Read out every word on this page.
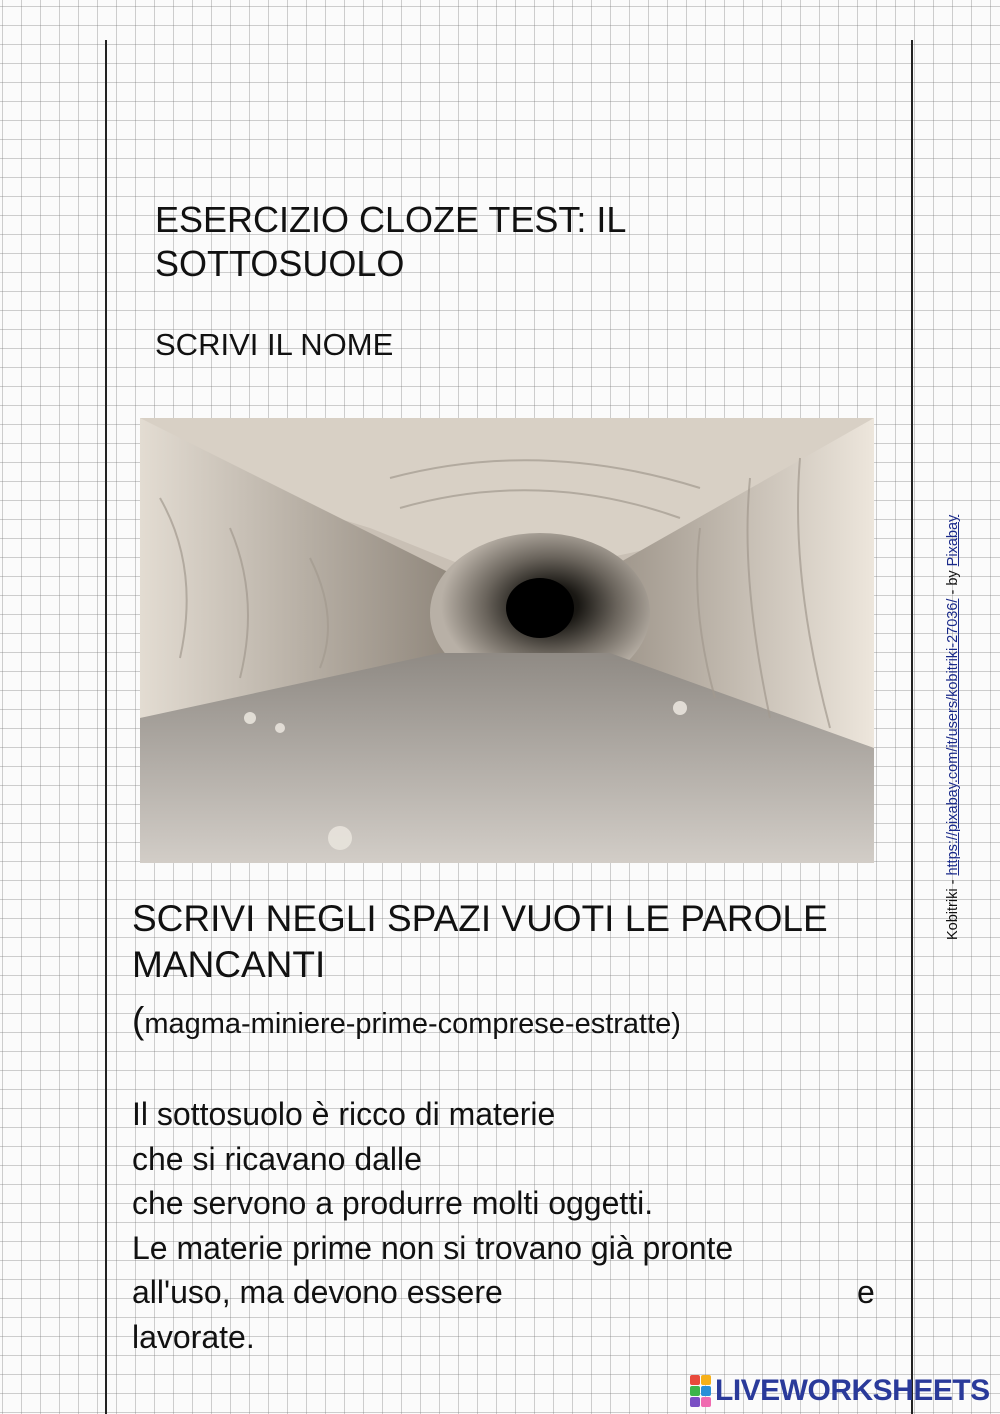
ESERCIZIO CLOZE TEST: IL SOTTOSUOLO
SCRIVI IL NOME
Kobitriki - https://pixabay.com/it/users/kobitriki-27036/ - by Pixabay
SCRIVI NEGLI SPAZI VUOTI LE PAROLE MANCANTI
(magma-miniere-prime-comprese-estratte)
Il sottosuolo è ricco di materie
che si ricavano dalle
che servono a produrre molti oggetti.
Le materie prime non si trovano già pronte
all'uso, ma devono essere	e
lavorate.
LIVEWORKSHEETS
